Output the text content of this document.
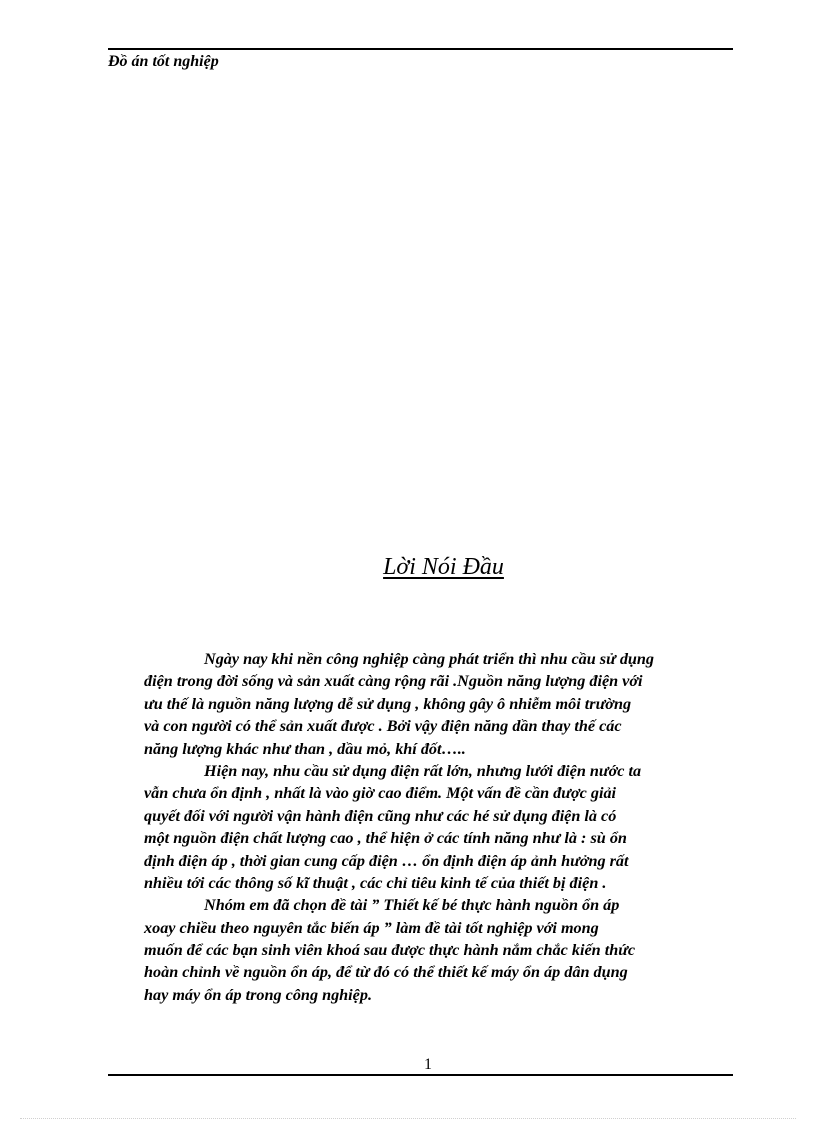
Đồ án tốt nghiệp
Lời Nói Đầu
Ngày nay khi nền công nghiệp càng phát triển thì nhu cầu sử dụng
điện trong đời sống và sản xuất càng rộng rãi .Nguồn năng lượng điện với
ưu thế là nguồn năng lượng dễ sử dụng , không gây ô nhiễm môi trường
và con người có thể sản xuất được . Bởi vậy điện năng dần thay thế các
năng lượng khác như than , dầu mỏ, khí đốt…..
Hiện nay, nhu cầu sử dụng điện rất lớn, nhưng lưới điện nước ta
vẫn chưa ổn định , nhất là vào giờ cao điểm. Một vấn đề cần được giải
quyết đối với người vận hành điện cũng như các hé sử dụng điện là có
một nguồn điện chất lượng cao , thể hiện ở các tính năng như là : sù ổn
định điện áp , thời gian cung cấp điện … ổn định điện áp ảnh hưởng rất
nhiều tới các thông số kĩ thuật , các chỉ tiêu kinh tế của thiết bị điện .
Nhóm em đã chọn đề tài ” Thiết kế bé thực hành nguồn ổn áp
xoay chiều theo nguyên tắc biến áp ” làm đề tài tốt nghiệp với mong
muốn để các bạn sinh viên khoá sau được thực hành nắm chắc kiến thức
hoàn chỉnh về nguồn ổn áp, để từ đó có thể thiết kế máy ổn áp dân dụng
hay máy ổn áp trong công nghiệp.
1
